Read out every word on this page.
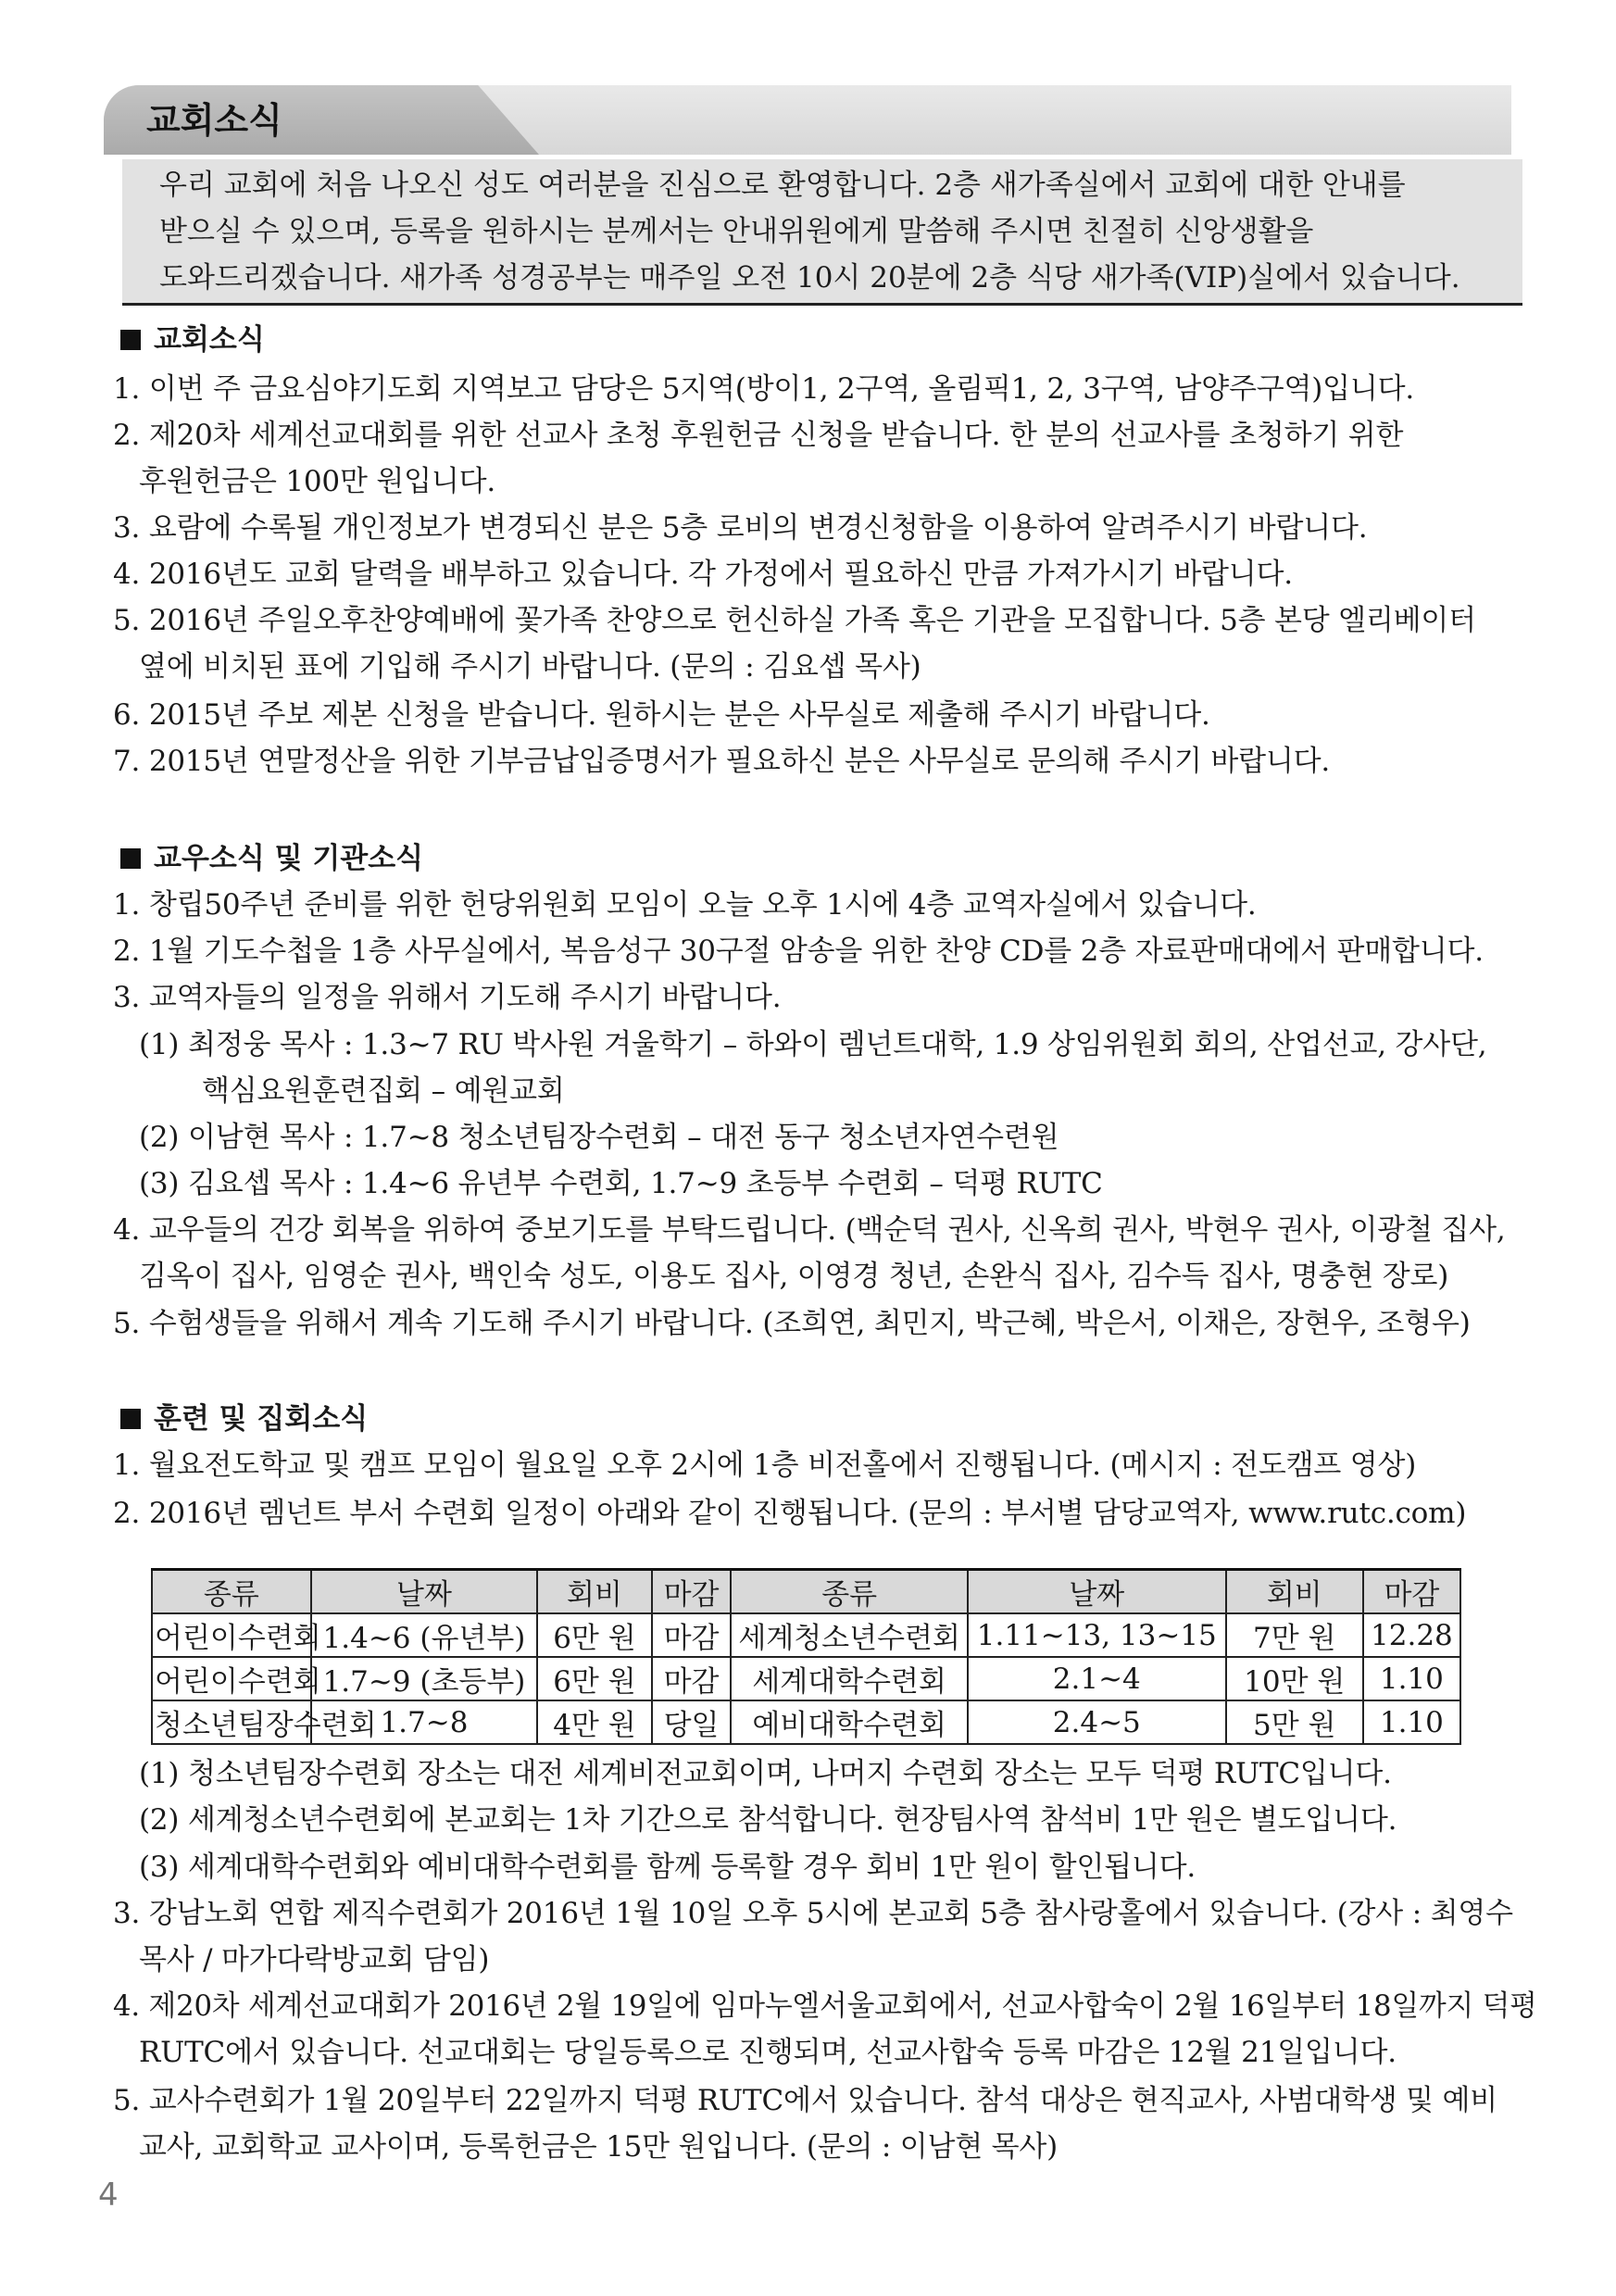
교회소식
우리 교회에 처음 나오신 성도 여러분을 진심으로 환영합니다. 2층 새가족실에서 교회에 대한 안내를
받으실 수 있으며, 등록을 원하시는 분께서는 안내위원에게 말씀해 주시면 친절히 신앙생활을
도와드리겠습니다. 새가족 성경공부는 매주일 오전 10시 20분에 2층 식당 새가족(VIP)실에서 있습니다.
교회소식
1. 이번 주 금요심야기도회 지역보고 담당은 5지역(방이1, 2구역, 올림픽1, 2, 3구역, 남양주구역)입니다.
2. 제20차 세계선교대회를 위한 선교사 초청 후원헌금 신청을 받습니다. 한 분의 선교사를 초청하기 위한
후원헌금은 100만 원입니다.
3. 요람에 수록될 개인정보가 변경되신 분은 5층 로비의 변경신청함을 이용하여 알려주시기 바랍니다.
4. 2016년도 교회 달력을 배부하고 있습니다. 각 가정에서 필요하신 만큼 가져가시기 바랍니다.
5. 2016년 주일오후찬양예배에 꽃가족 찬양으로 헌신하실 가족 혹은 기관을 모집합니다. 5층 본당 엘리베이터
옆에 비치된 표에 기입해 주시기 바랍니다. (문의 : 김요셉 목사)
6. 2015년 주보 제본 신청을 받습니다. 원하시는 분은 사무실로 제출해 주시기 바랍니다.
7. 2015년 연말정산을 위한 기부금납입증명서가 필요하신 분은 사무실로 문의해 주시기 바랍니다.
교우소식 및 기관소식
1. 창립50주년 준비를 위한 헌당위원회 모임이 오늘 오후 1시에 4층 교역자실에서 있습니다.
2. 1월 기도수첩을 1층 사무실에서, 복음성구 30구절 암송을 위한 찬양 CD를 2층 자료판매대에서 판매합니다.
3. 교역자들의 일정을 위해서 기도해 주시기 바랍니다.
(1) 최정웅 목사 : 1.3~7 RU 박사원 겨울학기 – 하와이 렘넌트대학, 1.9 상임위원회 회의, 산업선교, 강사단,
핵심요원훈련집회 – 예원교회
(2) 이남현 목사 : 1.7~8 청소년팀장수련회 – 대전 동구 청소년자연수련원
(3) 김요셉 목사 : 1.4~6 유년부 수련회, 1.7~9 초등부 수련회 – 덕평 RUTC
4. 교우들의 건강 회복을 위하여 중보기도를 부탁드립니다. (백순덕 권사, 신옥희 권사, 박현우 권사, 이광철 집사,
김옥이 집사, 임영순 권사, 백인숙 성도, 이용도 집사, 이영경 청년, 손완식 집사, 김수득 집사, 명충현 장로)
5. 수험생들을 위해서 계속 기도해 주시기 바랍니다. (조희연, 최민지, 박근혜, 박은서, 이채은, 장현우, 조형우)
훈련 및 집회소식
1. 월요전도학교 및 캠프 모임이 월요일 오후 2시에 1층 비전홀에서 진행됩니다. (메시지 : 전도캠프 영상)
2. 2016년 렘넌트 부서 수련회 일정이 아래와 같이 진행됩니다. (문의 : 부서별 담당교역자, www.rutc.com)
종류	날짜	회비	마감	종류	날짜	회비	마감
어린이수련회	1.4~6 (유년부)	6만 원	마감	세계청소년수련회	1.11~13, 13~15	7만 원	12.28
어린이수련회	1.7~9 (초등부)	6만 원	마감	세계대학수련회	2.1~4	10만 원	1.10
청소년팀장수련회	1.7~8	4만 원	당일	예비대학수련회	2.4~5	5만 원	1.10
(1) 청소년팀장수련회 장소는 대전 세계비전교회이며, 나머지 수련회 장소는 모두 덕평 RUTC입니다.
(2) 세계청소년수련회에 본교회는 1차 기간으로 참석합니다. 현장팀사역 참석비 1만 원은 별도입니다.
(3) 세계대학수련회와 예비대학수련회를 함께 등록할 경우 회비 1만 원이 할인됩니다.
3. 강남노회 연합 제직수련회가 2016년 1월 10일 오후 5시에 본교회 5층 참사랑홀에서 있습니다. (강사 : 최영수
목사 / 마가다락방교회 담임)
4. 제20차 세계선교대회가 2016년 2월 19일에 임마누엘서울교회에서, 선교사합숙이 2월 16일부터 18일까지 덕평
RUTC에서 있습니다. 선교대회는 당일등록으로 진행되며, 선교사합숙 등록 마감은 12월 21일입니다.
5. 교사수련회가 1월 20일부터 22일까지 덕평 RUTC에서 있습니다. 참석 대상은 현직교사, 사범대학생 및 예비
교사, 교회학교 교사이며, 등록헌금은 15만 원입니다. (문의 : 이남현 목사)
4
